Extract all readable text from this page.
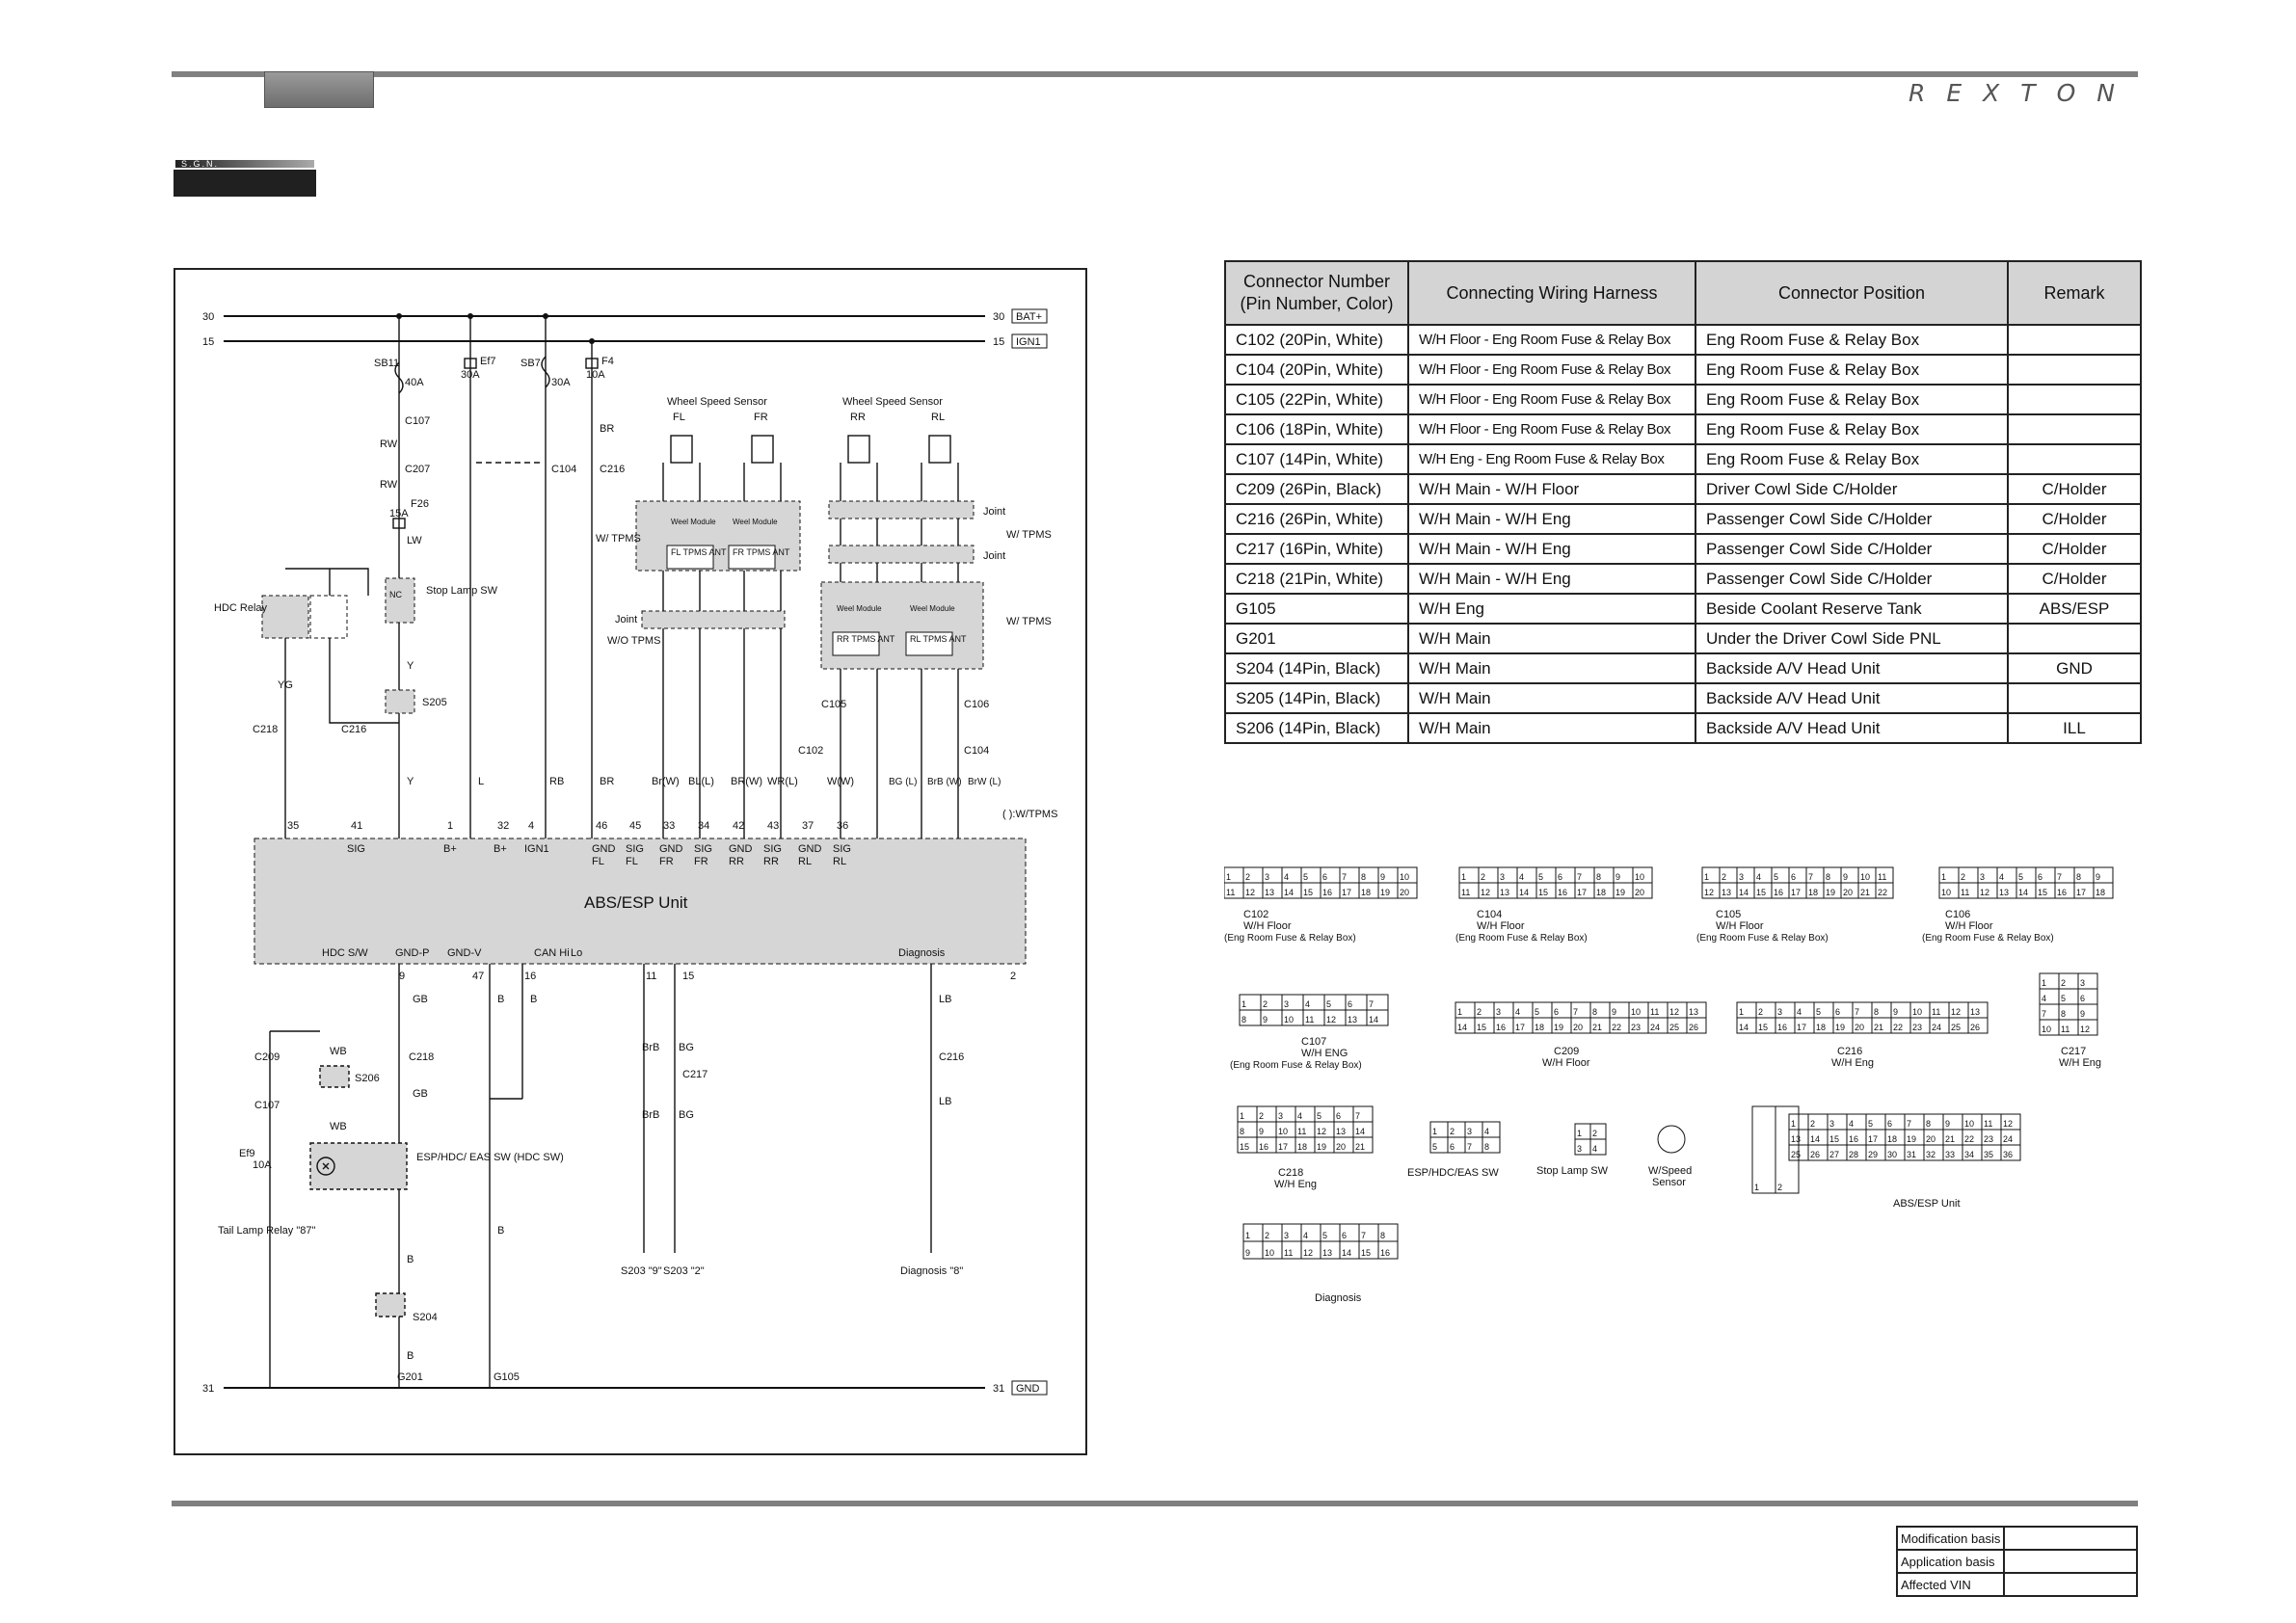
REXTON
S.G.N.
30
15
31
30
15
31
BAT+
IGN1
GND
SB11
40A
Ef7
30A
SB7
30A
F4
10A
F26
15A
RW
RW
LW
BR
C107
C207	C104 C216
HDC Relay
Stop Lamp SW
NC
S205
YG
Y
Y
C218	C216
L	RB	BR
Wheel Speed Sensor	Wheel Speed Sensor
FL	FR	RR	RL
FL TPMS ANT FR TPMS ANT
RR TPMS ANT RL TPMS ANT
Weel Module Weel Module
Weel Module	Weel Module
Joint
Joint
Joint
W/ TPMS	W/ TPMS
W/ TPMS
W/O TPMS
C105	C106
C102	C104
Br(W) BL(L) BR(W) WR(L)	W(W)	BG (L) BrB (W) BrW (L)
( ):W/TPMS
ABS/ESP Unit
35	41
SIG
1
B+
32
B+
4
IGN1
46
GND
FL
45
SIG
FL
33
GND
FR
34
SIG
FR
42
GND
RR
43
SIG
RR
37
GND
RL
36
SIG
RL
HDC S/W
9
GND-P
47
GND-V
16
CAN Hi
11
Lo
15
Diagnosis
2
GB
GB
WB
WB
C218
C209
C107
S206
S204
ESP/HDC/ EAS SW (HDC SW)
Ef9
10A
Tail Lamp Relay "87"
B
B
B B
B
BrB BG
BrB BG
C217
C216
LB
LB
S203 "9" S203 "2"	Diagnosis "8"
G201	G105
Connector Number (Pin Number, Color)	Connecting Wiring Harness	Connector Position	Remark
C102 (20Pin, White)	W/H Floor - Eng Room Fuse & Relay Box	Eng Room Fuse & Relay Box	
C104 (20Pin, White)	W/H Floor - Eng Room Fuse & Relay Box	Eng Room Fuse & Relay Box	
C105 (22Pin, White)	W/H Floor - Eng Room Fuse & Relay Box	Eng Room Fuse & Relay Box	
C106 (18Pin, White)	W/H Floor - Eng Room Fuse & Relay Box	Eng Room Fuse & Relay Box	
C107 (14Pin, White)	W/H Eng - Eng Room Fuse & Relay Box	Eng Room Fuse & Relay Box	
C209 (26Pin, Black)	W/H Main - W/H Floor	Driver Cowl Side C/Holder	C/Holder
C216 (26Pin, White)	W/H Main - W/H Eng	Passenger Cowl Side C/Holder	C/Holder
C217 (16Pin, White)	W/H Main - W/H Eng	Passenger Cowl Side C/Holder	C/Holder
C218 (21Pin, White)	W/H Main - W/H Eng	Passenger Cowl Side C/Holder	C/Holder
G105	W/H Eng	Beside Coolant Reserve Tank	ABS/ESP
G201	W/H Main	Under the Driver Cowl Side PNL	
S204 (14Pin, Black)	W/H Main	Backside A/V Head Unit	GND
S205 (14Pin, Black)	W/H Main	Backside A/V Head Unit	
S206 (14Pin, Black)	W/H Main	Backside A/V Head Unit	ILL
1 2 3 4 5 6 7 8 9 10
11 12 13 14 15 16 17 18 19 20
1 2 3 4 5 6 7 8 9 10
11 12 13 14 15 16 17 18 19 20
1 2 3 4 5 6 7 8 9 10 11
12 13 14 15 16 17 18 19 20 21 22
1 2 3 4 5 6 7 8 9
10 11 12 13 14 15 16 17 18
1 2 3 4 5 6 7
8 9 10 11 12 13 14
1 2 3 4 5 6 7 8 9 10 11 12 13
14 15 16 17 18 19 20 21 22 23 24 25 26
1 2 3 4 5 6 7 8 9 10 11 12 13
14 15 16 17 18 19 20 21 22 23 24 25 26
1 2 3
4 5 6
7 8 9
10 11 12
1 2 3 4 5 6 7
8 9 10 11 12 13 14
15 16 17 18 19 20 21
1 2 3 4
5 6 7 8
1 2
3 4
1 2
1 2 3 4 5 6 7 8 9 10 11 12
13 14 15 16 17 18 19 20 21 22 23 24
25 26 27 28 29 30 31 32 33 34 35 36
1 2 3 4 5 6 7 8
9 10 11 12 13 14 15 16
C102
W/H Floor
(Eng Room Fuse & Relay Box)
C104
W/H Floor
(Eng Room Fuse & Relay Box)
C105
W/H Floor
(Eng Room Fuse & Relay Box)
C106
W/H Floor
(Eng Room Fuse & Relay Box)
C107
W/H ENG
(Eng Room Fuse & Relay Box)
C209
W/H Floor
C216
W/H Eng
C217
W/H Eng
C218
W/H Eng
ESP/HDC/EAS SW	Stop Lamp SW	W/Speed
Sensor
ABS/ESP Unit
Diagnosis
Modification basis	
Application basis	
Affected VIN	
